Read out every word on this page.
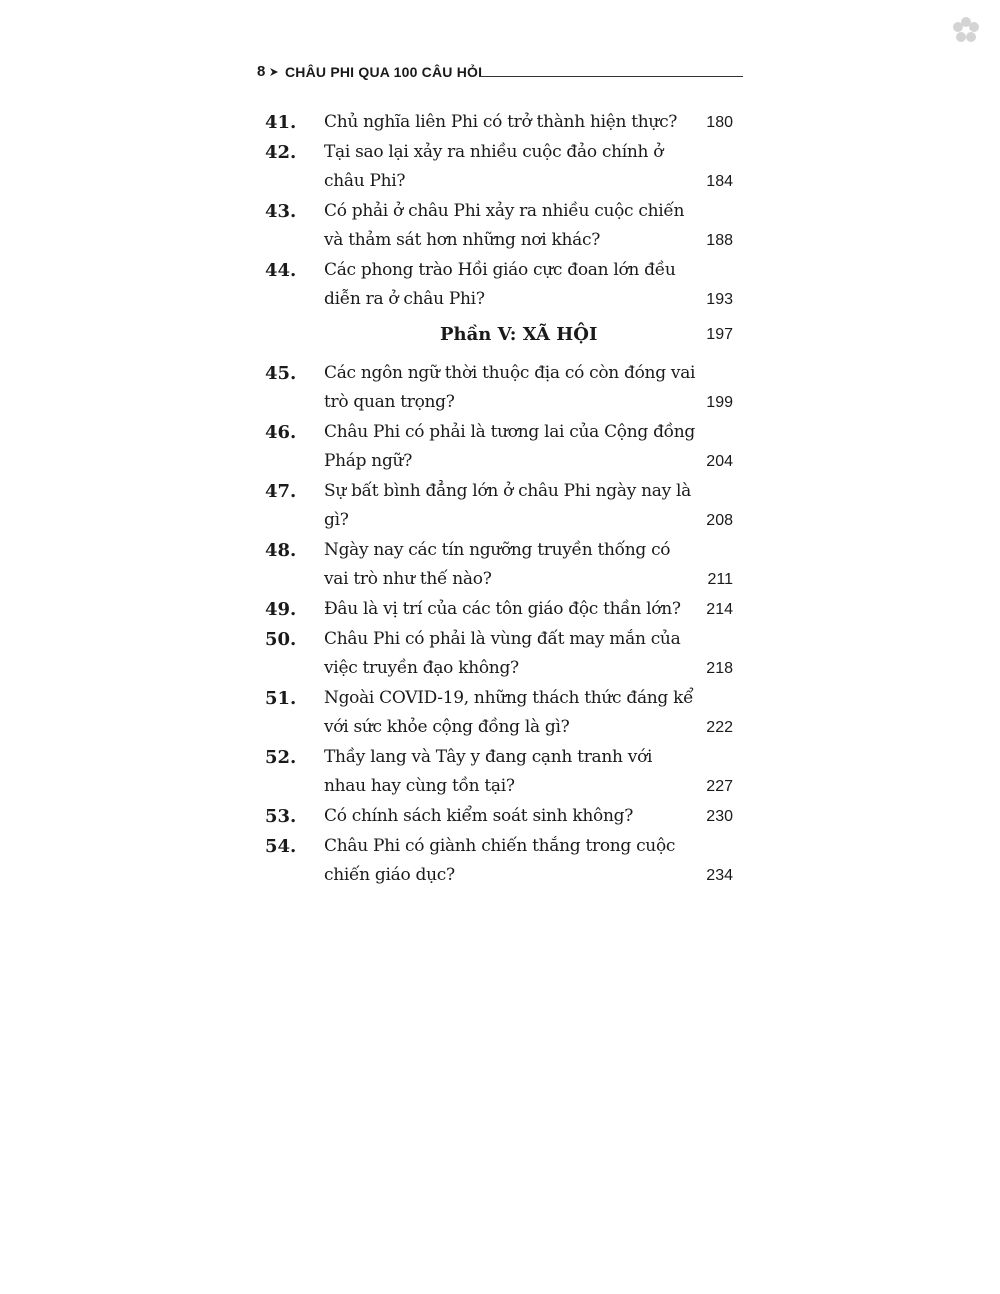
8 CHÂU PHI QUA 100 CÂU HỎI
41. Chủ nghĩa liên Phi có trở thành hiện thực?	180
42. Tại sao lại xảy ra nhiều cuộc đảo chính ở châu Phi?	184
43. Có phải ở châu Phi xảy ra nhiều cuộc chiến và thảm sát hơn những nơi khác?	188
44. Các phong trào Hồi giáo cực đoan lớn đều diễn ra ở châu Phi?	193
Phần V: XÃ HỘI	197
45. Các ngôn ngữ thời thuộc địa có còn đóng vai trò quan trọng?	199
46. Châu Phi có phải là tương lai của Cộng đồng Pháp ngữ?	204
47. Sự bất bình đẳng lớn ở châu Phi ngày nay là gì?	208
48. Ngày nay các tín ngưỡng truyền thống có vai trò như thế nào?	211
49. Đâu là vị trí của các tôn giáo độc thần lớn?	214
50. Châu Phi có phải là vùng đất may mắn của việc truyền đạo không?	218
51. Ngoài COVID-19, những thách thức đáng kể với sức khỏe cộng đồng là gì?	222
52. Thầy lang và Tây y đang cạnh tranh với nhau hay cùng tồn tại?	227
53. Có chính sách kiểm soát sinh không?	230
54. Châu Phi có giành chiến thắng trong cuộc chiến giáo dục?	234
